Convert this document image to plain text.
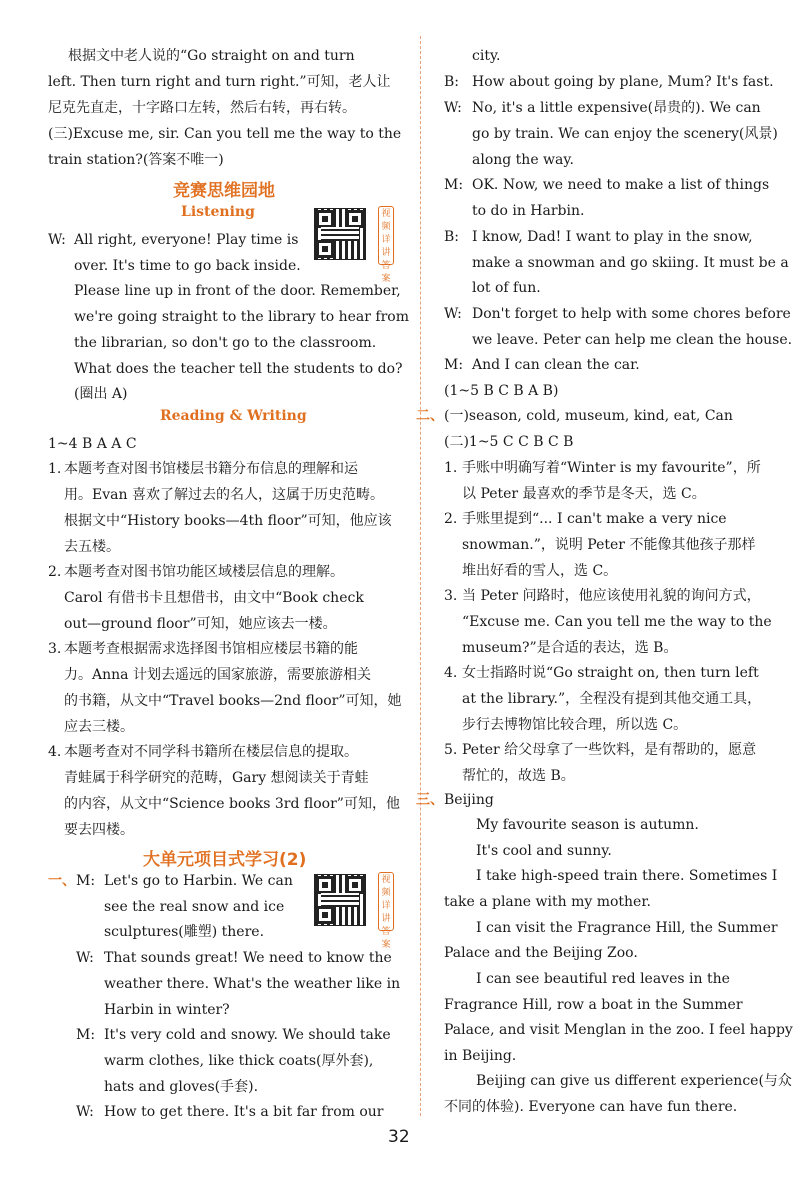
根据文中老人说的“Go straight on and turn
left. Then turn right and turn right.”可知，老人让
尼克先直走，十字路口左转，然后右转，再右转。
(三)Excuse me, sir. Can you tell me the way to the
train station?(答案不唯一)
竞赛思维园地
Listening	视频详讲答案
W: All right, everyone! Play time is
over. It's time to go back inside.
Please line up in front of the door. Remember,
we're going straight to the library to hear from
the librarian, so don't go to the classroom.
What does the teacher tell the students to do?
(圈出 A)
Reading & Writing
1~4 B A A C
1. 本题考查对图书馆楼层书籍分布信息的理解和运
用。Evan 喜欢了解过去的名人，这属于历史范畴。
根据文中“History books—4th floor”可知，他应该
去五楼。
2. 本题考查对图书馆功能区域楼层信息的理解。
Carol 有借书卡且想借书，由文中“Book check
out—ground floor”可知，她应该去一楼。
3. 本题考查根据需求选择图书馆相应楼层书籍的能
力。Anna 计划去遥远的国家旅游，需要旅游相关
的书籍，从文中“Travel books—2nd floor”可知，她
应去三楼。
4. 本题考查对不同学科书籍所在楼层信息的提取。
青蛙属于科学研究的范畴，Gary 想阅读关于青蛙
的内容，从文中“Science books 3rd floor”可知，他
要去四楼。
大单元项目式学习(2)
视频详讲答案
一、 M: Let's go to Harbin. We can
see the real snow and ice
sculptures(雕塑) there.
W: That sounds great! We need to know the
weather there. What's the weather like in
Harbin in winter?
M: It's very cold and snowy. We should take
warm clothes, like thick coats(厚外套),
hats and gloves(手套).
W: How to get there. It's a bit far from our
city.
B: How about going by plane, Mum? It's fast.
W: No, it's a little expensive(昂贵的). We can
go by train. We can enjoy the scenery(风景)
along the way.
M: OK. Now, we need to make a list of things
to do in Harbin.
B: I know, Dad! I want to play in the snow,
make a snowman and go skiing. It must be a
lot of fun.
W: Don't forget to help with some chores before
we leave. Peter can help me clean the house.
M: And I can clean the car.
(1~5 B C B A B)
二、 (一)season, cold, museum, kind, eat, Can
(二)1~5 C C B C B
1. 手账中明确写着“Winter is my favourite”，所
以 Peter 最喜欢的季节是冬天，选 C。
2. 手账里提到“... I can't make a very nice
snowman.”，说明 Peter 不能像其他孩子那样
堆出好看的雪人，选 C。
3. 当 Peter 问路时，他应该使用礼貌的询问方式，
“Excuse me. Can you tell me the way to the
museum?”是合适的表达，选 B。
4. 女士指路时说“Go straight on, then turn left
at the library.”，全程没有提到其他交通工具，
步行去博物馆比较合理，所以选 C。
5. Peter 给父母拿了一些饮料，是有帮助的，愿意
帮忙的，故选 B。
三、 Beijing
My favourite season is autumn.
It's cool and sunny.
I take high-speed train there. Sometimes I
take a plane with my mother.
I can visit the Fragrance Hill, the Summer
Palace and the Beijing Zoo.
I can see beautiful red leaves in the
Fragrance Hill, row a boat in the Summer
Palace, and visit Menglan in the zoo. I feel happy
in Beijing.
Beijing can give us different experience(与众
不同的体验). Everyone can have fun there.
32
